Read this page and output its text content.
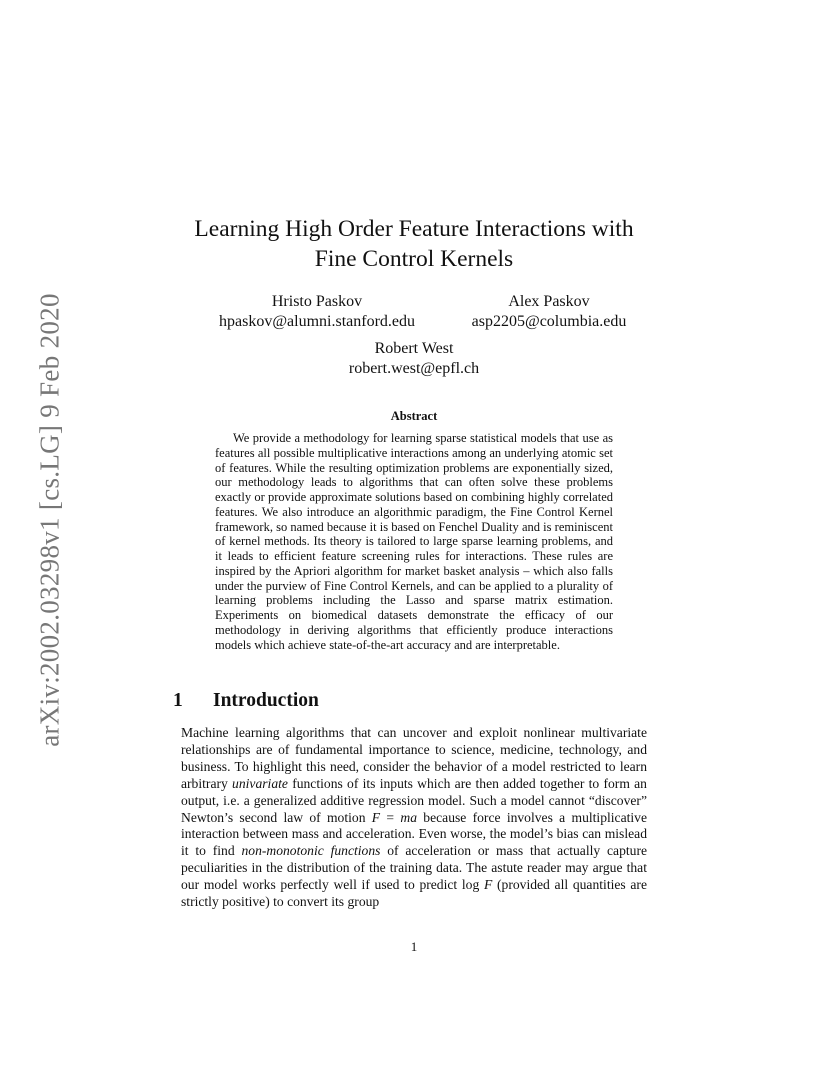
arXiv:2002.03298v1 [cs.LG] 9 Feb 2020
Learning High Order Feature Interactions with
Fine Control Kernels
Hristo Paskov
hpaskov@alumni.stanford.edu
Alex Paskov
asp2205@columbia.edu
Robert West
robert.west@epfl.ch
Abstract
We provide a methodology for learning sparse statistical models that use as features all possible multiplicative interactions among an underlying atomic set of features. While the resulting optimization problems are exponentially sized, our methodology leads to algorithms that can often solve these problems exactly or provide approximate solutions based on combining highly correlated features. We also introduce an algorithmic paradigm, the Fine Control Kernel framework, so named because it is based on Fenchel Duality and is reminiscent of kernel methods. Its theory is tailored to large sparse learning problems, and it leads to efficient feature screening rules for interactions. These rules are inspired by the Apriori algorithm for market basket analysis – which also falls under the purview of Fine Control Kernels, and can be applied to a plurality of learning problems including the Lasso and sparse matrix estimation. Experiments on biomedical datasets demonstrate the efficacy of our methodology in deriving algorithms that efficiently produce interactions models which achieve state-of-the-art accuracy and are interpretable.
1 Introduction
Machine learning algorithms that can uncover and exploit nonlinear multivariate relationships are of fundamental importance to science, medicine, technology, and business. To highlight this need, consider the behavior of a model restricted to learn arbitrary univariate functions of its inputs which are then added together to form an output, i.e. a generalized additive regression model. Such a model cannot “discover” Newton’s second law of motion F = ma because force involves a multiplicative interaction between mass and acceleration. Even worse, the model’s bias can mislead it to find non-monotonic functions of acceleration or mass that actually capture peculiarities in the distribution of the training data. The astute reader may argue that our model works perfectly well if used to predict log F (provided all quantities are strictly positive) to convert its group
1
